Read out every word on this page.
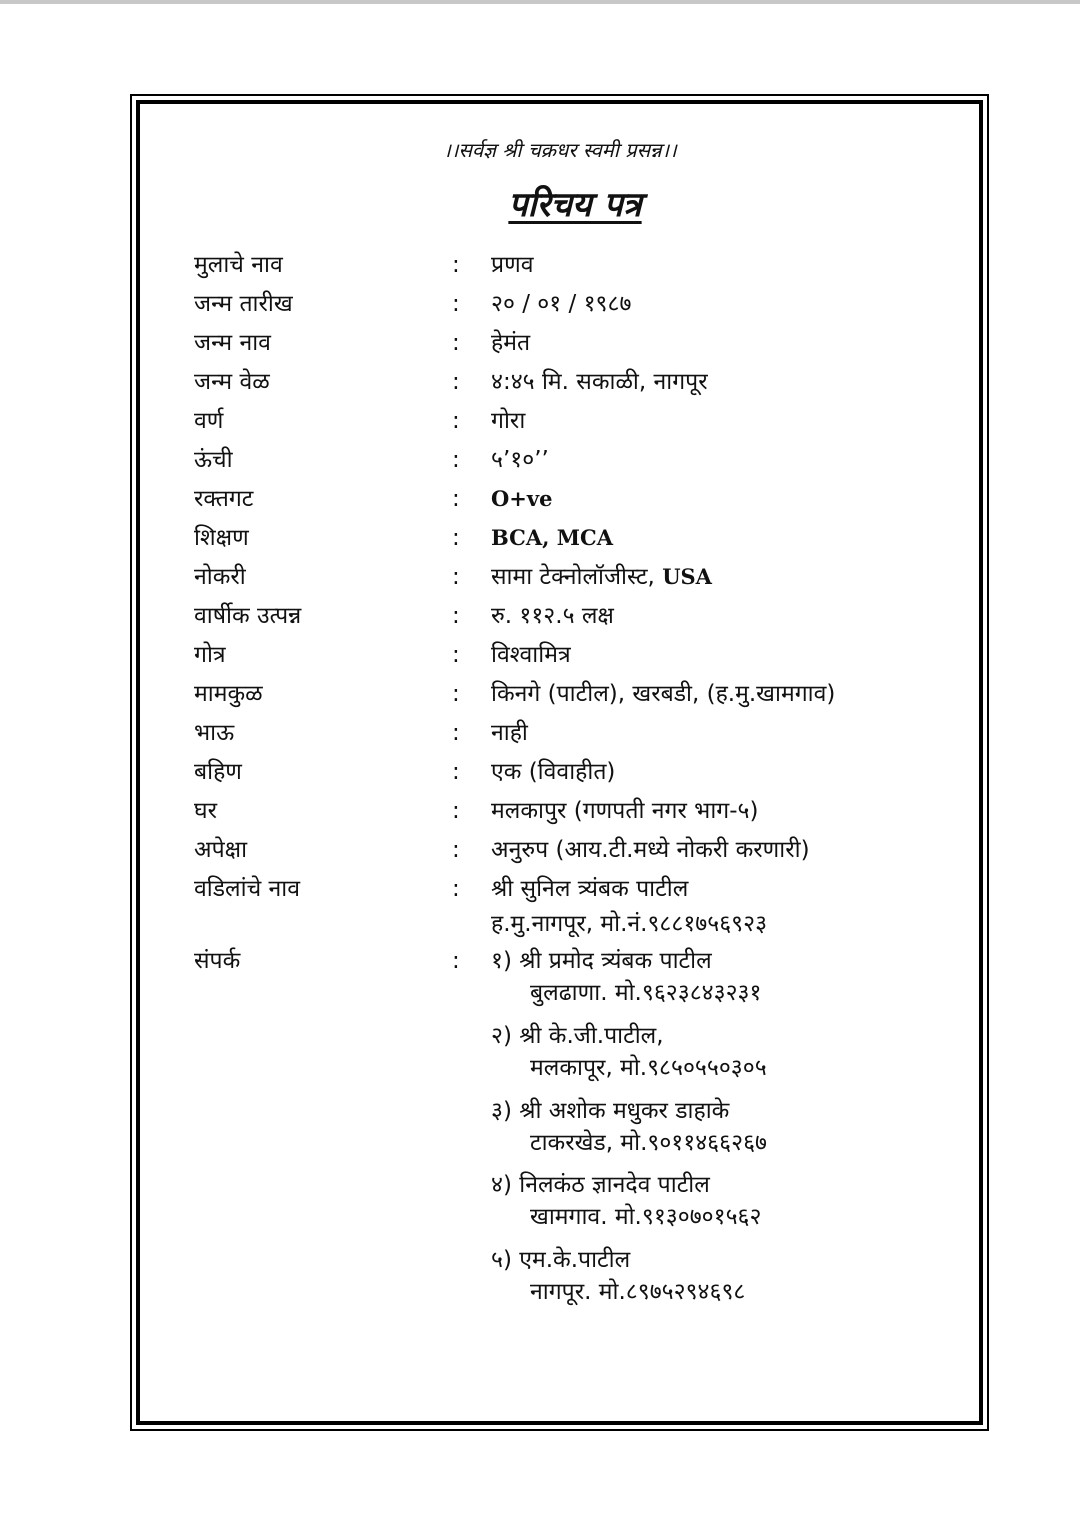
।।सर्वज्ञ श्री चक्रधर स्वमी प्रसन्न।।
परिचय पत्र
मुलाचे नाव	: प्रणव
जन्म तारीख	: २० / ०१ / १९८७
जन्म नाव	: हेमंत
जन्म वेळ	: ४:४५ मि. सकाळी, नागपूर
वर्ण	: गोरा
ऊंची	: ५’१०’’
रक्तगट	: O+ve
शिक्षण	: BCA, MCA
नोकरी	: सामा टेक्नोलॉजीस्ट, USA
वार्षीक उत्पन्न	: रु. ११२.५ लक्ष
गोत्र	: विश्वामित्र
मामकुळ	: किनगे (पाटील), खरबडी, (ह.मु.खामगाव)
भाऊ	: नाही
बहिण	: एक (विवाहीत)
घर	: मलकापुर (गणपती नगर भाग-५)
अपेक्षा	: अनुरुप (आय.टी.मध्ये नोकरी करणारी)
वडिलांचे नाव	: श्री सुनिल त्र्यंबक पाटील
ह.मु.नागपूर, मो.नं.९८८१७५६९२३
संपर्क	: १) श्री प्रमोद त्र्यंबक पाटील
बुलढाणा. मो.९६२३८४३२३१
२) श्री के.जी.पाटील,
मलकापूर, मो.९८५०५५०३०५
३) श्री अशोक मधुकर डाहाके
टाकरखेड, मो.९०११४६६२६७
४) निलकंठ ज्ञानदेव पाटील
खामगाव. मो.९१३०७०१५६२
५) एम.के.पाटील
नागपूर. मो.८९७५२९४६९८
